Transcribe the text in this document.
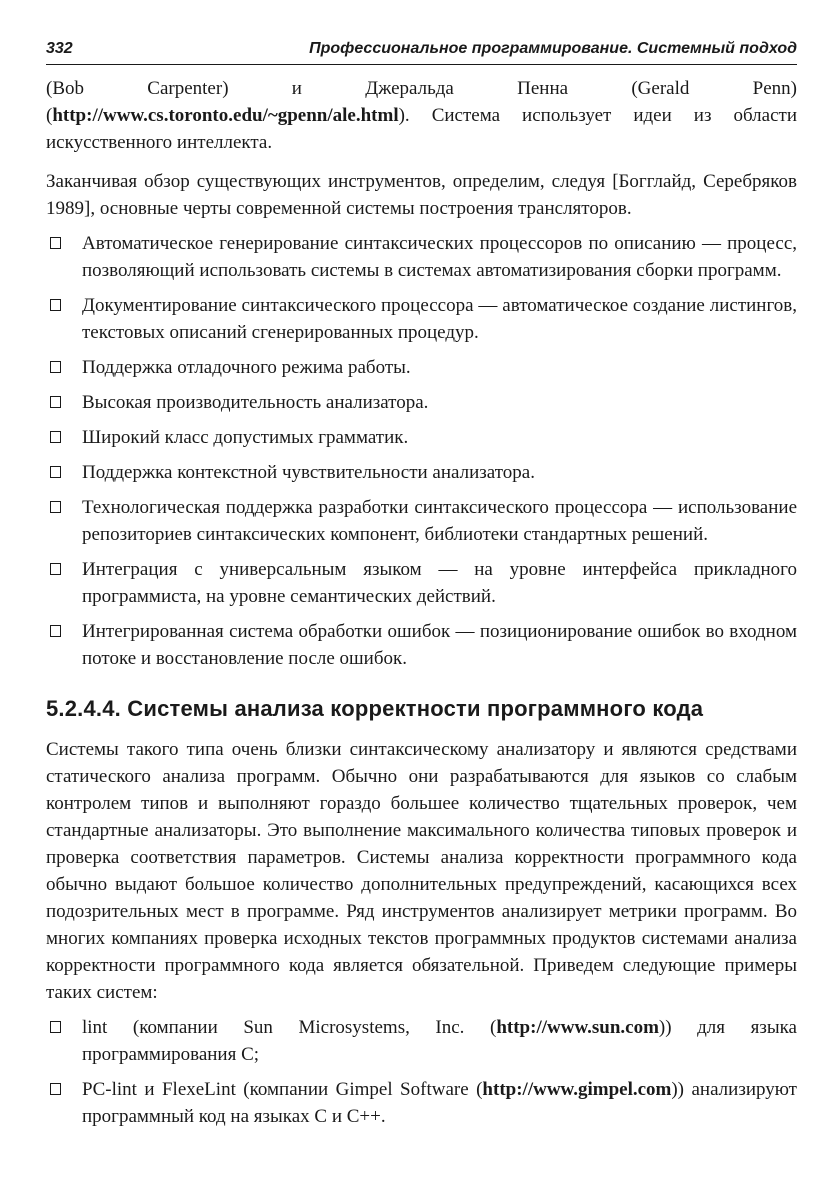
332	Профессиональное программирование. Системный подход

(Bob Carpenter) и Джеральда Пенна (Gerald Penn) (http://www.cs.toronto.edu/~gpenn/ale.html). Система использует идеи из области искусственного интеллекта.

Заканчивая обзор существующих инструментов, определим, следуя [Богглайд, Серебряков 1989], основные черты современной системы построения трансляторов.

Автоматическое генерирование синтаксических процессоров по описанию — процесс, позволяющий использовать системы в системах автоматизирования сборки программ.
Документирование синтаксического процессора — автоматическое создание листингов, текстовых описаний сгенерированных процедур.
Поддержка отладочного режима работы.
Высокая производительность анализатора.
Широкий класс допустимых грамматик.
Поддержка контекстной чувствительности анализатора.
Технологическая поддержка разработки синтаксического процессора — использование репозиториев синтаксических компонент, библиотеки стандартных решений.
Интеграция с универсальным языком — на уровне интерфейса прикладного программиста, на уровне семантических действий.
Интегрированная система обработки ошибок — позиционирование ошибок во входном потоке и восстановление после ошибок.
5.2.4.4. Системы анализа корректности программного кода

Системы такого типа очень близки синтаксическому анализатору и являются средствами статического анализа программ. Обычно они разрабатываются для языков со слабым контролем типов и выполняют гораздо большее количество тщательных проверок, чем стандартные анализаторы. Это выполнение максимального количества типовых проверок и проверка соответствия параметров. Системы анализа корректности программного кода обычно выдают большое количество дополнительных предупреждений, касающихся всех подозрительных мест в программе. Ряд инструментов анализирует метрики программ. Во многих компаниях проверка исходных текстов программных продуктов системами анализа корректности программного кода является обязательной. Приведем следующие примеры таких систем:

lint (компании Sun Microsystems, Inc. (http://www.sun.com)) для языка программирования C;
PC-lint и FlexeLint (компании Gimpel Software (http://www.gimpel.com)) анализируют программный код на языках C и C++.
